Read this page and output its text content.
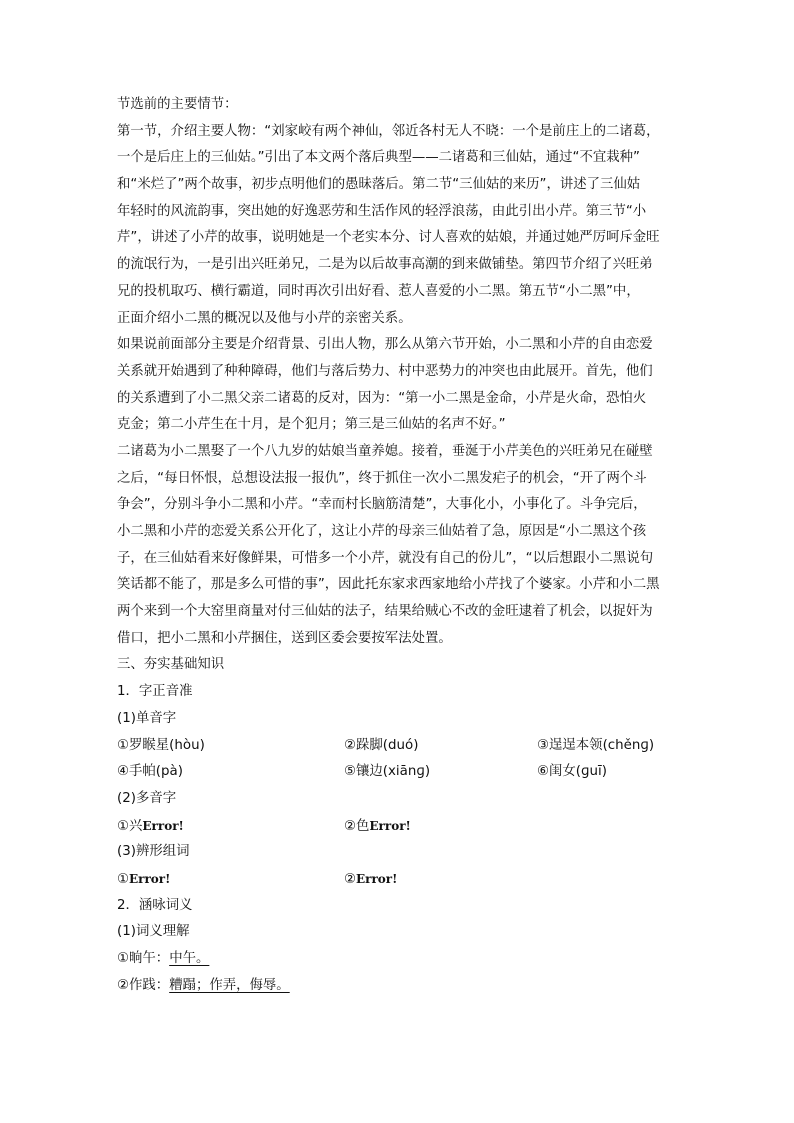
节选前的主要情节：
第一节，介绍主要人物：“刘家峧有两个神仙，邻近各村无人不晓：一个是前庄上的二诸葛，
一个是后庄上的三仙姑。”引出了本文两个落后典型——二诸葛和三仙姑，通过“不宜栽种”
和“米烂了”两个故事，初步点明他们的愚昧落后。第二节“三仙姑的来历”，讲述了三仙姑
年轻时的风流韵事，突出她的好逸恶劳和生活作风的轻浮浪荡，由此引出小芹。第三节“小
芹”，讲述了小芹的故事，说明她是一个老实本分、讨人喜欢的姑娘，并通过她严厉呵斥金旺
的流氓行为，一是引出兴旺弟兄，二是为以后故事高潮的到来做铺垫。第四节介绍了兴旺弟
兄的投机取巧、横行霸道，同时再次引出好看、惹人喜爱的小二黑。第五节“小二黑”中，
正面介绍小二黑的概况以及他与小芹的亲密关系。
如果说前面部分主要是介绍背景、引出人物，那么从第六节开始，小二黑和小芹的自由恋爱
关系就开始遇到了种种障碍，他们与落后势力、村中恶势力的冲突也由此展开。首先，他们
的关系遭到了小二黑父亲二诸葛的反对，因为：“第一小二黑是金命，小芹是火命，恐怕火
克金；第二小芹生在十月，是个犯月；第三是三仙姑的名声不好。”
二诸葛为小二黑娶了一个八九岁的姑娘当童养媳。接着，垂涎于小芹美色的兴旺弟兄在碰壁
之后，“每日怀恨，总想设法报一报仇”，终于抓住一次小二黑发疟子的机会，“开了两个斗
争会”，分别斗争小二黑和小芹。“幸而村长脑筋清楚”，大事化小，小事化了。斗争完后，
小二黑和小芹的恋爱关系公开化了，这让小芹的母亲三仙姑着了急，原因是“小二黑这个孩
子，在三仙姑看来好像鲜果，可惜多一个小芹，就没有自己的份儿”，“以后想跟小二黑说句
笑话都不能了，那是多么可惜的事”，因此托东家求西家地给小芹找了个婆家。小芹和小二黑
两个来到一个大窑里商量对付三仙姑的法子，结果给贼心不改的金旺逮着了机会，以捉奸为
借口，把小二黑和小芹捆住，送到区委会要按军法处置。
三、夯实基础知识
1．字正音准
(1)单音字
①罗睺星(hòu)	②跺脚(duó)	③逞逞本领(chěnɡ)
④手帕(pà)	⑤镶边(xiānɡ)	⑥闺女(ɡuī)
(2)多音字
①兴Error!	②色Error!
(3)辨形组词
①Error!	②Error!
2．涵咏词义
(1)词义理解
①晌午：中午。
②作践：糟蹋；作弄，侮辱。
